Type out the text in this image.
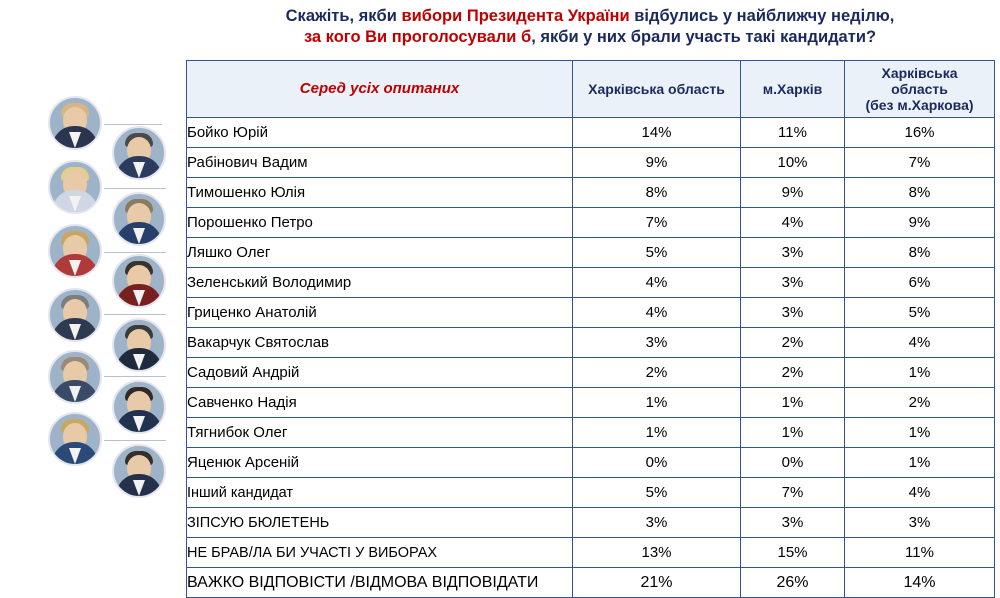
Скажіть, якби вибори Президента України відбулись у найближчу неділю,
за кого Ви проголосували б, якби у них брали участь такі кандидати?
Серед усіх опитаних	Харківська область	м.Харків	Харківська
область
(без м.Харкова)
Бойко Юрій	14%	11%	16%
Рабінович Вадим	9%	10%	7%
Тимошенко Юлія	8%	9%	8%
Порошенко Петро	7%	4%	9%
Ляшко Олег	5%	3%	8%
Зеленський Володимир	4%	3%	6%
Гриценко Анатолій	4%	3%	5%
Вакарчук Святослав	3%	2%	4%
Садовий Андрій	2%	2%	1%
Савченко Надія	1%	1%	2%
Тягнибок Олег	1%	1%	1%
Яценюк Арсеній	0%	0%	1%
Інший кандидат	5%	7%	4%
ЗІПСУЮ БЮЛЕТЕНЬ	3%	3%	3%
НЕ БРАВ/ЛА БИ УЧАСТІ У ВИБОРАХ	13%	15%	11%
ВАЖКО ВІДПОВІСТИ /ВІДМОВА ВІДПОВІДАТИ	21%	26%	14%
